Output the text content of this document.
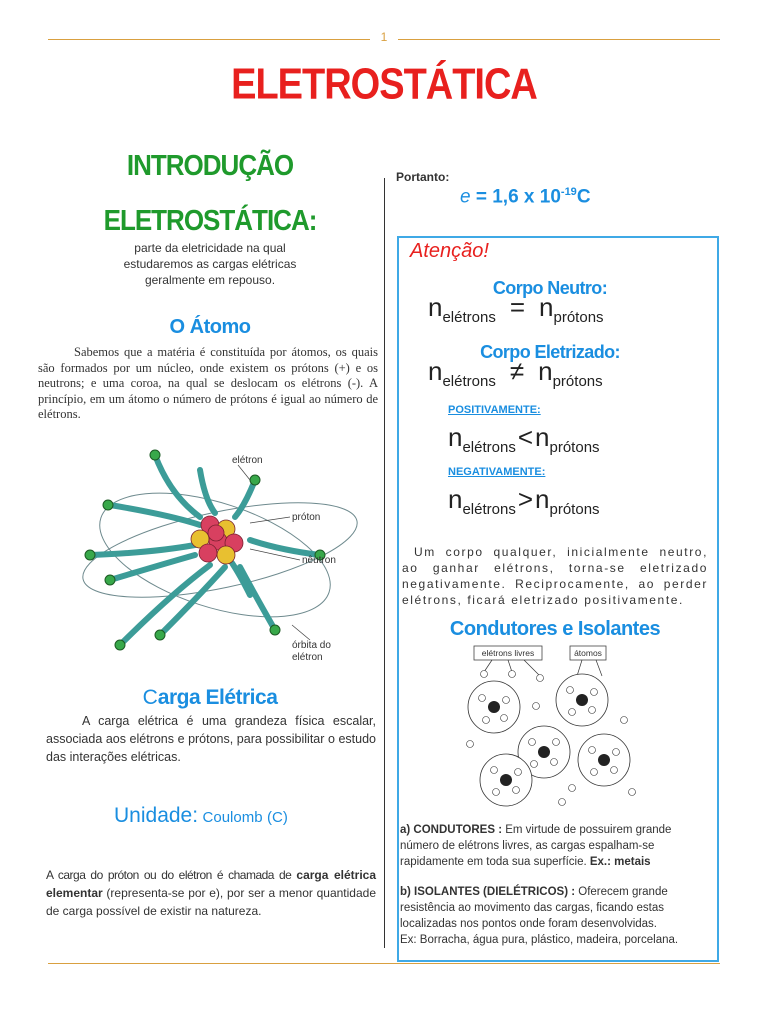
1
ELETROSTÁTICA
INTRODUÇÃO
ELETROSTÁTICA:
parte da eletricidade na qual
estudaremos as cargas elétricas
geralmente em repouso.
O Átomo
Sabemos que a matéria é constituída por átomos, os quais são formados por um núcleo, onde existem os prótons (+) e os neutrons; e uma coroa, na qual se deslocam os elétrons (-). A princípio, em um átomo o número de prótons é igual ao número de elétrons.
elétron
próton
nêutron
órbita do
elétron
Carga Elétrica
A carga elétrica é uma grandeza física escalar, associada aos elétrons e prótons, para possibilitar o estudo das interações elétricas.
Unidade: Coulomb (C)
A carga do próton ou do elétron é chamada de carga elétrica elementar (representa-se por e), por ser a menor quantidade de carga possível de existir na natureza.
Portanto:
e = 1,6 x $10^{-19}C$
Atenção!
Corpo Neutro:
$n_{elétrons} = n_{prótons}$
Corpo Eletrizado:
$n_{elétrons} \ne n_{prótons}$
POSITIVAMENTE:
$n_{elétrons}<n_{prótons}$
NEGATIVAMENTE:
$n_{elétrons}>n_{prótons}$
Um corpo qualquer, inicialmente neutro, ao ganhar elétrons, torna-se eletrizado negativamente. Reciprocamente, ao perder elétrons, ficará eletrizado positivamente.
Condutores e Isolantes
elétrons livres	átomos
a) CONDUTORES : Em virtude de possuirem grande número de elétrons livres, as cargas espalham-se rapidamente em toda sua superfície. Ex.: metais
b) ISOLANTES (DIELÉTRICOS) : Oferecem grande resistência ao movimento das cargas, ficando estas localizadas nos pontos onde foram desenvolvidas.
Ex: Borracha, água pura, plástico, madeira, porcelana.
